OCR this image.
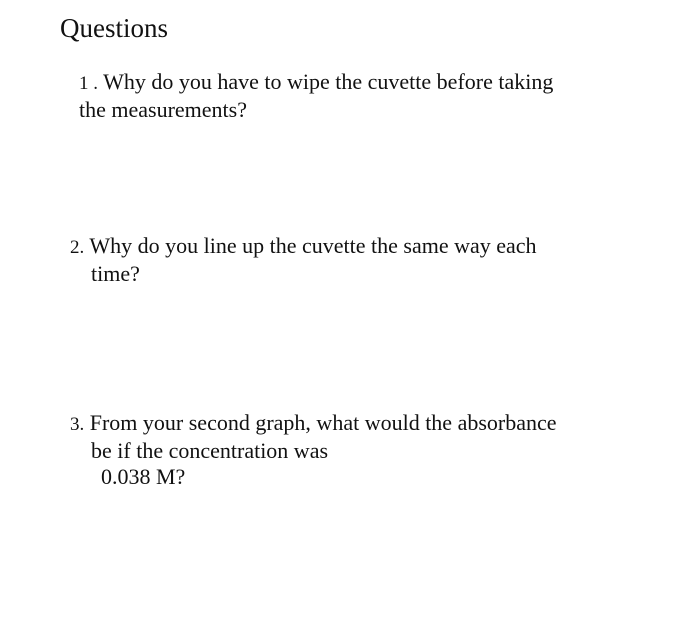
Questions
1 . Why do you have to wipe the cuvette before taking
the measurements?
2. Why do you line up the cuvette the same way each
time?
3. From your second graph, what would the absorbance
be if the concentration was
0.038 M?
